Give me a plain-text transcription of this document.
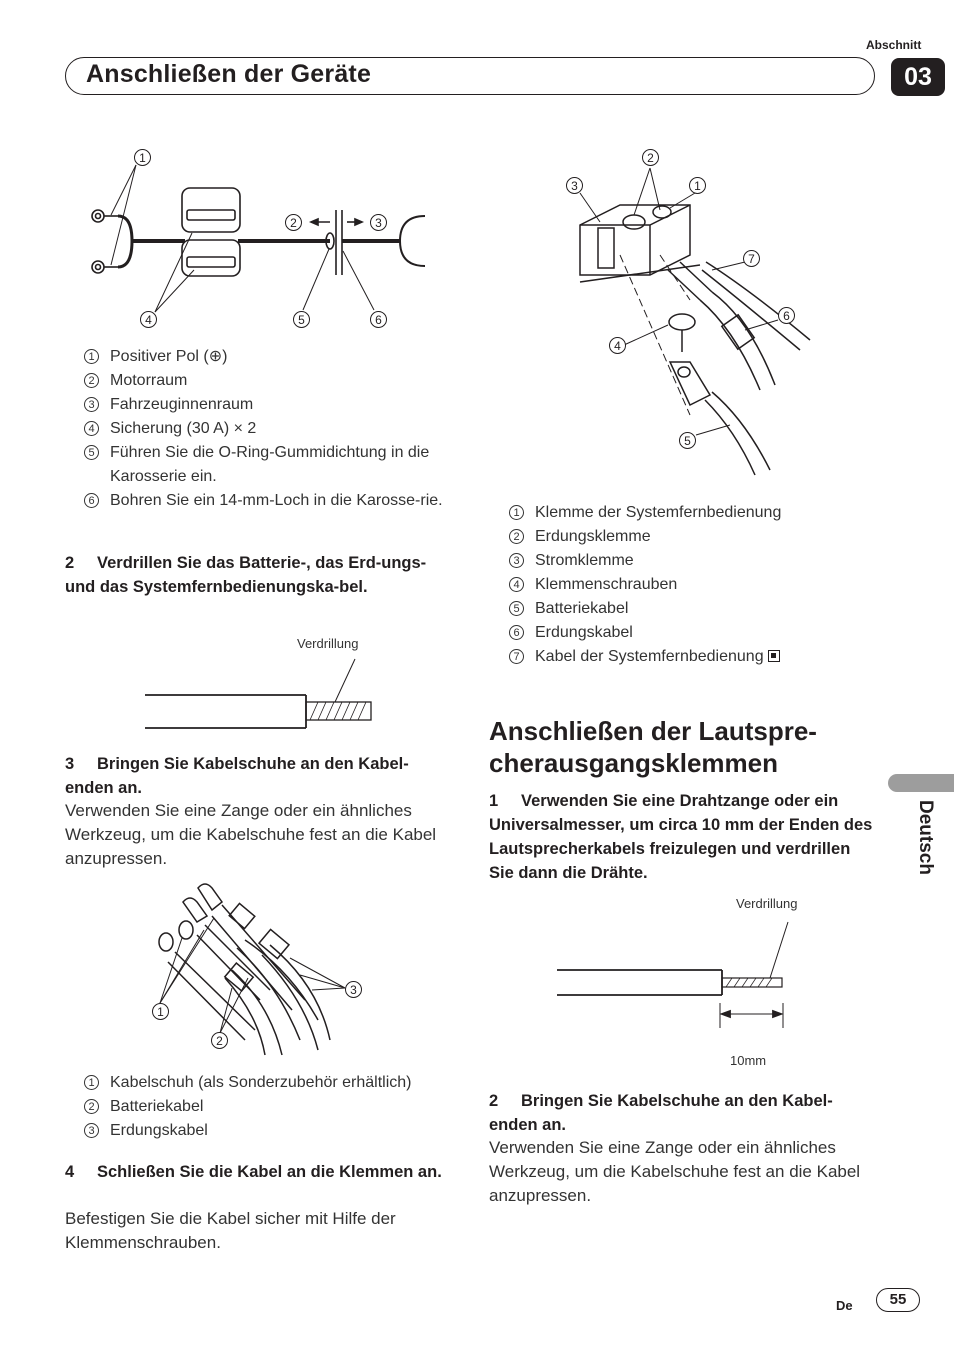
Abschnitt
Anschließen der Geräte	03
Deutsch
1
2	3
4	5	6
1 Positiver Pol (⊕)
2 Motorraum
3 Fahrzeuginnenraum
4 Sicherung (30 A) × 2
5 Führen Sie die O-Ring-Gummidichtung in die Karosserie ein.
6 Bohren Sie ein 14-mm-Loch in die Karosse-rie.
2 Verdrillen Sie das Batterie-, das Erd-ungs- und das Systemfernbedienungska-bel.
Verdrillung
3 Bringen Sie Kabelschuhe an den Kabel-enden an.
Verwenden Sie eine Zange oder ein ähnliches Werkzeug, um die Kabelschuhe fest an die Kabel anzupressen.
1
2
3
1 Kabelschuh (als Sonderzubehör erhältlich)
2 Batteriekabel
3 Erdungskabel
4 Schließen Sie die Kabel an die Klemmen an.
Befestigen Sie die Kabel sicher mit Hilfe der Klemmenschrauben.
2
3	1
7
6
4
5
1 Klemme der Systemfernbedienung
2 Erdungsklemme
3 Stromklemme
4 Klemmenschrauben
5 Batteriekabel
6 Erdungskabel
7 Kabel der Systemfernbedienung
Anschließen der Lautspre-cherausgangsklemmen
1 Verwenden Sie eine Drahtzange oder ein Universalmesser, um circa 10 mm der Enden des Lautsprecherkabels freizulegen und verdrillen Sie dann die Drähte.
Verdrillung
10mm
2 Bringen Sie Kabelschuhe an den Kabel-enden an.
Verwenden Sie eine Zange oder ein ähnliches Werkzeug, um die Kabelschuhe fest an die Kabel anzupressen.
De	55
